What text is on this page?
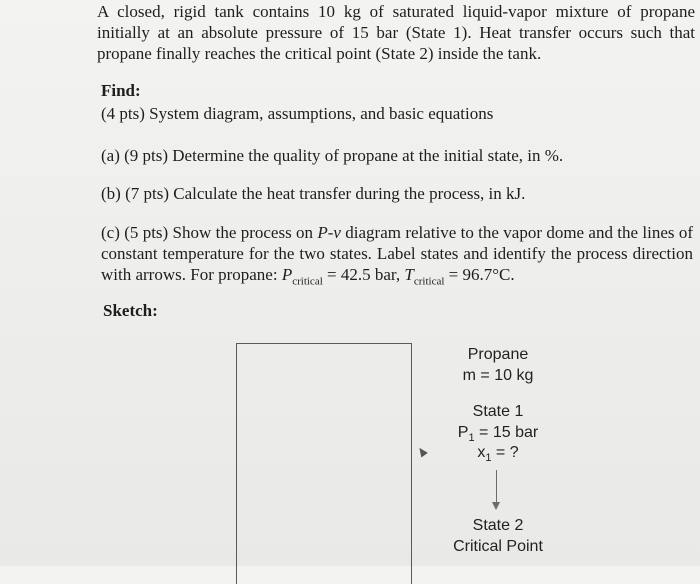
A closed, rigid tank contains 10 kg of saturated liquid-vapor mixture of propane initially at an absolute pressure of 15 bar (State 1). Heat transfer occurs such that propane finally reaches the critical point (State 2) inside the tank.
Find:
(4 pts) System diagram, assumptions, and basic equations
(a) (9 pts) Determine the quality of propane at the initial state, in %.
(b) (7 pts) Calculate the heat transfer during the process, in kJ.
(c) (5 pts) Show the process on P-v diagram relative to the vapor dome and the lines of constant temperature for the two states. Label states and identify the process direction with arrows. For propane: $P_{critical} = 42.5$ bar, $T_{critical} = 96.7^\circ C$.
Sketch:
Propane
m = 10 kg
State 1
$P_1 = 15$ bar
$x_1$ = ?
State 2
Critical Point
